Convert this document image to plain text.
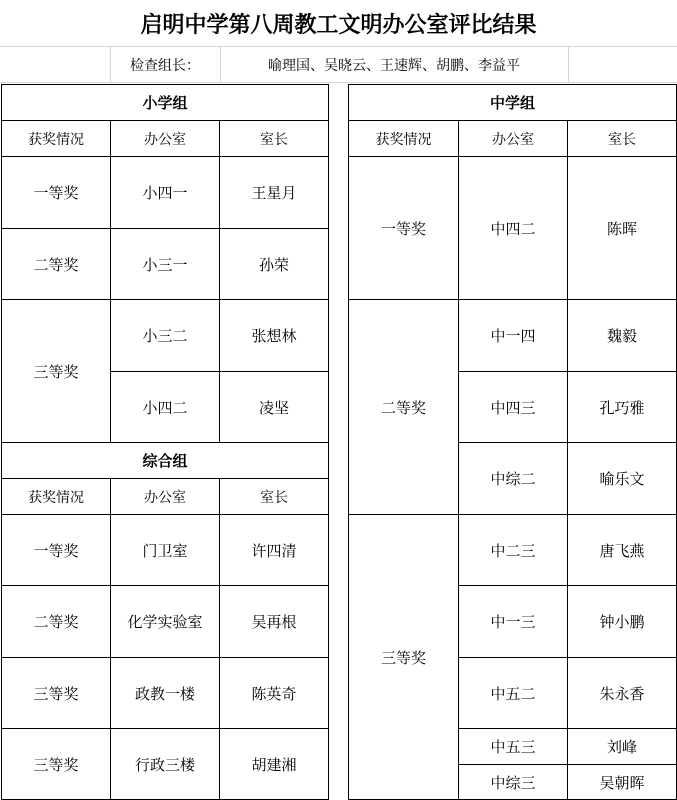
启明中学第八周教工文明办公室评比结果
检查组长：	喻理国、吴晓云、王速辉、胡鹏、李益平
小学组		
获奖情况	办公室	室长
一等奖	小四一	王星月
二等奖	小三一	孙荣
三等奖	小三二	张想林
	小四二	凌坚
综合组		
获奖情况	办公室	室长
一等奖	门卫室	许四清
二等奖	化学实验室	吴再根
三等奖	政教一楼	陈英奇
三等奖	行政三楼	胡建湘
中学组		
获奖情况	办公室	室长
一等奖	中四二	陈晖
二等奖	中一四	魏毅
	中四三	孔巧雅
	中综二	喻乐文
三等奖	中二三	唐飞燕
	中一三	钟小鹏
	中五二	朱永香
	中五三	刘峰
	中综三	吴朝晖
